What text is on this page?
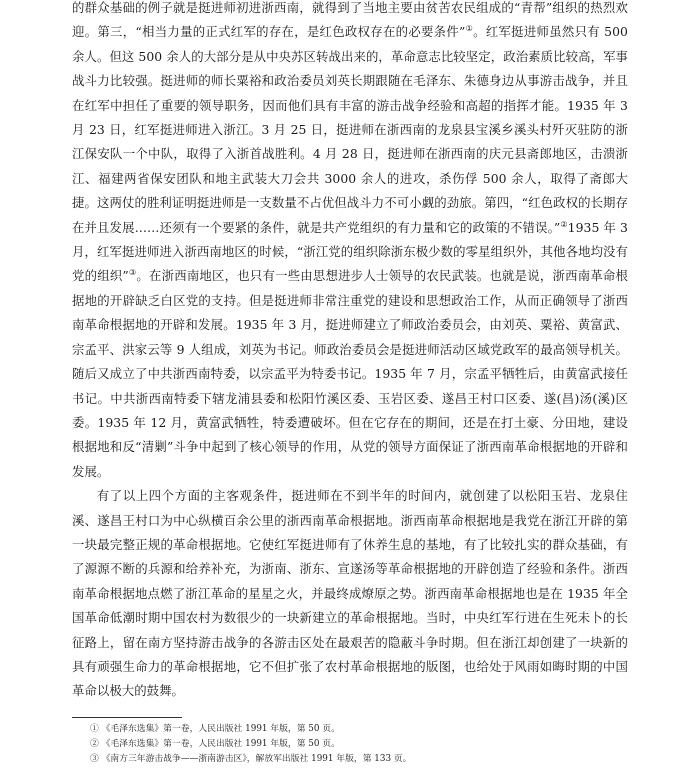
的群众基础的例子就是挺进师初进浙西南，就得到了当地主要由贫苦农民组成的“青帮”组织的热烈欢迎。第三，“相当力量的正式红军的存在，是红色政权存在的必要条件”①。红军挺进师虽然只有 500 余人。但这 500 余人的大部分是从中央苏区转战出来的，革命意志比较坚定，政治素质比较高，军事战斗力比较强。挺进师的师长粟裕和政治委员刘英长期跟随在毛泽东、朱德身边从事游击战争，并且在红军中担任了重要的领导职务，因而他们具有丰富的游击战争经验和高超的指挥才能。1935 年 3 月 23 日，红军挺进师进入浙江。3 月 25 日，挺进师在浙西南的龙泉县宝溪乡溪头村歼灭驻防的浙江保安队一个中队，取得了入浙首战胜利。4 月 28 日，挺进师在浙西南的庆元县斋郎地区，击溃浙江、福建两省保安团队和地主武装大刀会共 3000 余人的进攻，杀伤俘 500 余人，取得了斋郎大捷。这两仗的胜利证明挺进师是一支数量不占优但战斗力不可小觑的劲旅。第四，“红色政权的长期存在并且发展……还须有一个要紧的条件，就是共产党组织的有力量和它的政策的不错误。”②1935 年 3 月，红军挺进师进入浙西南地区的时候，“浙江党的组织除浙东极少数的零星组织外，其他各地均没有党的组织”③。在浙西南地区，也只有一些由思想进步人士领导的农民武装。也就是说，浙西南革命根据地的开辟缺乏白区党的支持。但是挺进师非常注重党的建设和思想政治工作，从而正确领导了浙西南革命根据地的开辟和发展。1935 年 3 月，挺进师建立了师政治委员会，由刘英、粟裕、黄富武、宗孟平、洪家云等 9 人组成，刘英为书记。师政治委员会是挺进师活动区域党政军的最高领导机关。随后又成立了中共浙西南特委，以宗孟平为特委书记。1935 年 7 月，宗孟平牺牲后，由黄富武接任书记。中共浙西南特委下辖龙浦县委和松阳竹溪区委、玉岩区委、遂昌王村口区委、遂(昌)汤(溪)区委。1935 年 12 月，黄富武牺牲，特委遭破坏。但在它存在的期间，还是在打土豪、分田地，建设根据地和反“清剿”斗争中起到了核心领导的作用，从党的领导方面保证了浙西南革命根据地的开辟和发展。

有了以上四个方面的主客观条件，挺进师在不到半年的时间内，就创建了以松阳玉岩、龙泉住溪、遂昌王村口为中心纵横百余公里的浙西南革命根据地。浙西南革命根据地是我党在浙江开辟的第一块最完整正规的革命根据地。它使红军挺进师有了休养生息的基地，有了比较扎实的群众基础，有了源源不断的兵源和给养补充，为浙南、浙东、宣遂汤等革命根据地的开辟创造了经验和条件。浙西南革命根据地点燃了浙江革命的星星之火，并最终成燎原之势。浙西南革命根据地也是在 1935 年全国革命低潮时期中国农村为数很少的一块新建立的革命根据地。当时，中央红军行进在生死未卜的长征路上，留在南方坚持游击战争的各游击区处在最艰苦的隐蔽斗争时期。但在浙江却创建了一块新的具有顽强生命力的革命根据地，它不但扩张了农村革命根据地的版图，也给处于风雨如晦时期的中国革命以极大的鼓舞。

① 《毛泽东选集》第一卷，人民出版社 1991 年版，第 50 页。
② 《毛泽东选集》第一卷，人民出版社 1991 年版，第 50 页。
③ 《南方三年游击战争——浙南游击区》，解放军出版社 1991 年版，第 133 页。
